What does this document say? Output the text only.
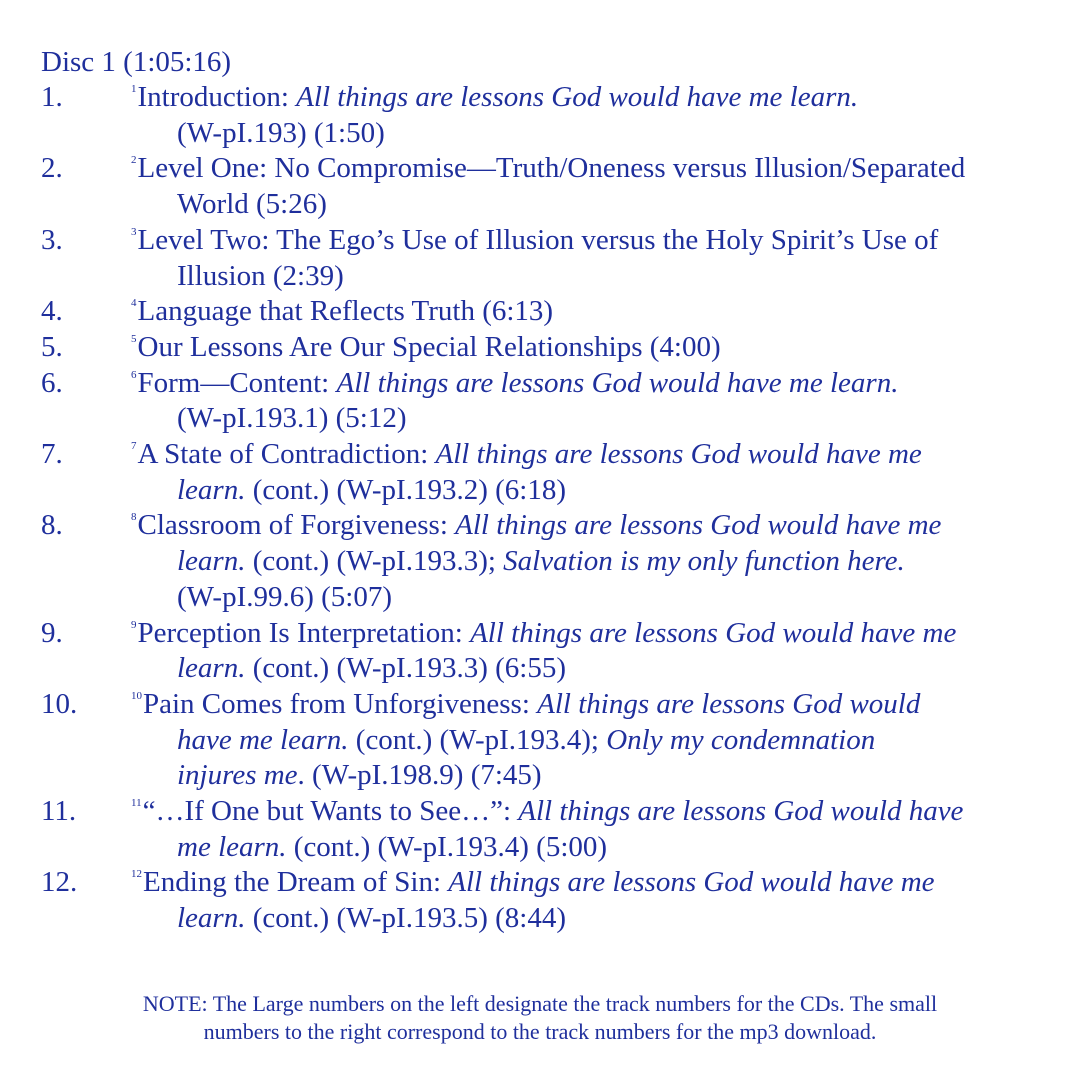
Disc 1 (1:05:16)
1.	$^1$Introduction: All things are lessons God would have me learn.
(W-pI.193) (1:50)
2.	$^2$Level One: No Compromise—Truth/Oneness versus Illusion/Separated
World (5:26)
3.	$^3$Level Two: The Ego’s Use of Illusion versus the Holy Spirit’s Use of
Illusion (2:39)
4.	$^4$Language that Reflects Truth (6:13)
5.	$^5$Our Lessons Are Our Special Relationships (4:00)
6.	$^6$Form—Content: All things are lessons God would have me learn.
(W-pI.193.1) (5:12)
7.	$^7$A State of Contradiction: All things are lessons God would have me
learn. (cont.) (W-pI.193.2) (6:18)
8.	$^8$Classroom of Forgiveness: All things are lessons God would have me
learn. (cont.) (W-pI.193.3); Salvation is my only function here.
(W-pI.99.6) (5:07)
9.	$^9$Perception Is Interpretation: All things are lessons God would have me
learn. (cont.) (W-pI.193.3) (6:55)
10.	$^{10}$Pain Comes from Unforgiveness: All things are lessons God would
have me learn. (cont.) (W-pI.193.4); Only my condemnation
injures me. (W-pI.198.9) (7:45)
11.	$^{11}$“…If One but Wants to See…”: All things are lessons God would have
me learn. (cont.) (W-pI.193.4) (5:00)
12.	$^{12}$Ending the Dream of Sin: All things are lessons God would have me
learn. (cont.) (W-pI.193.5) (8:44)
NOTE: The Large numbers on the left designate the track numbers for the CDs. The small
numbers to the right correspond to the track numbers for the mp3 download.
